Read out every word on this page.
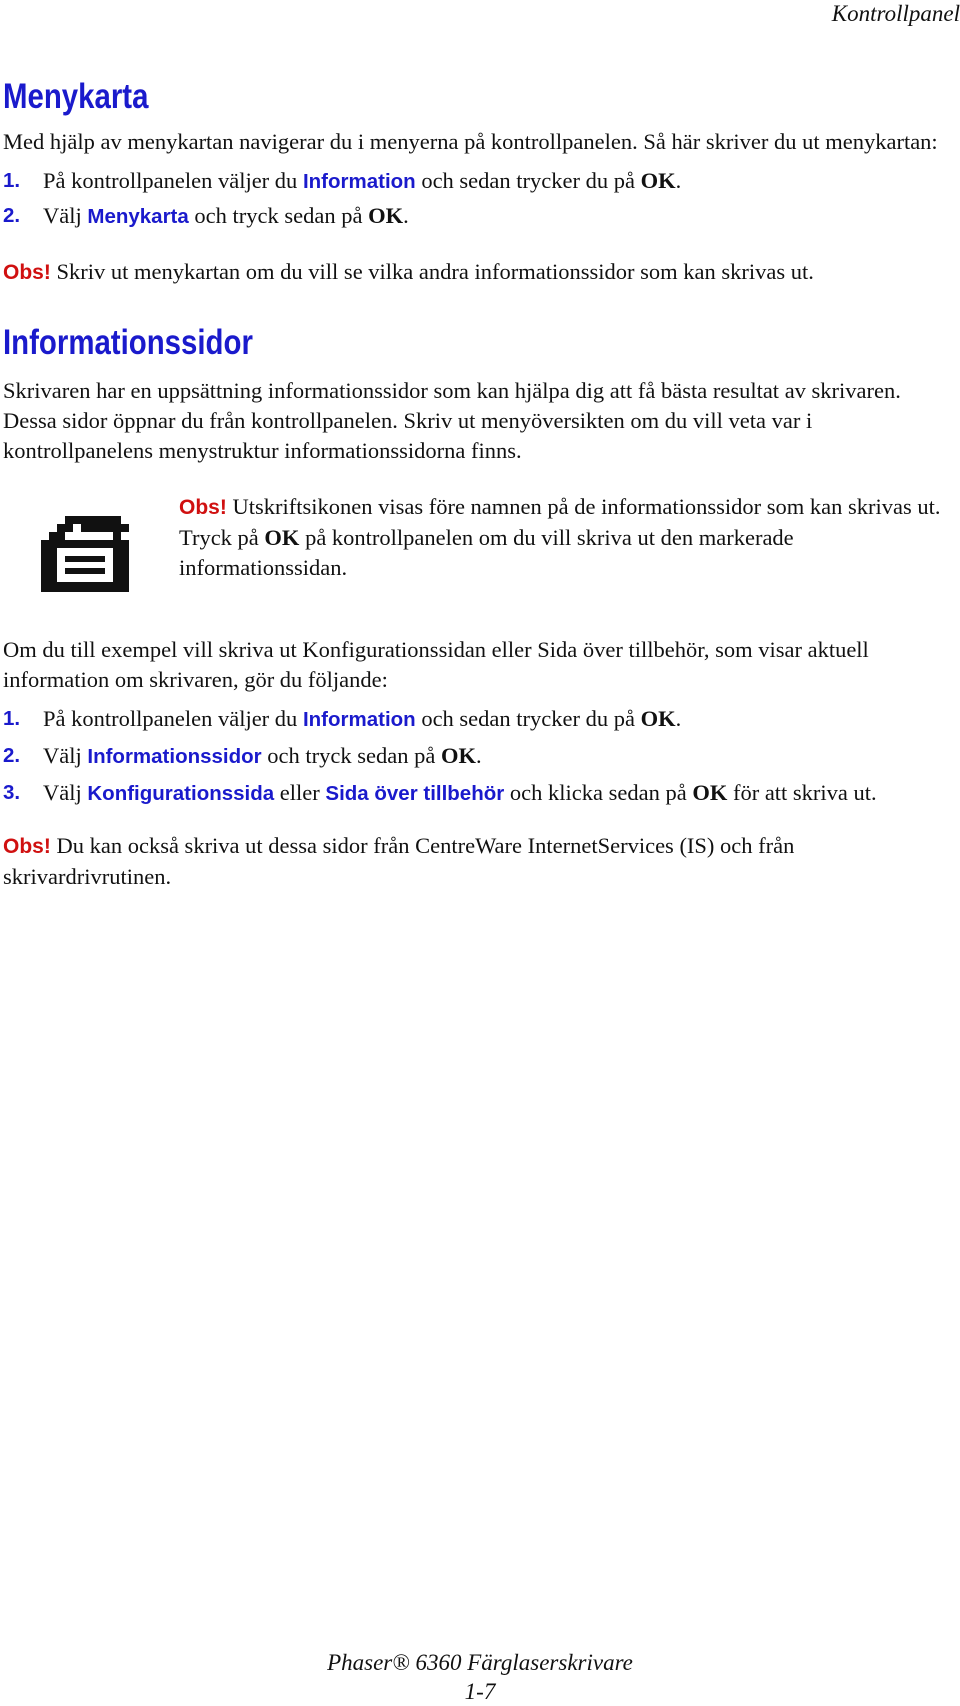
Kontrollpanel
Menykarta

Med hjälp av menykartan navigerar du i menyerna på kontrollpanelen. Så här skriver du ut menykartan:

1.	På kontrollpanelen väljer du Information och sedan trycker du på OK.
2.	Välj Menykarta och tryck sedan på OK.

Obs! Skriv ut menykartan om du vill se vilka andra informationssidor som kan skrivas ut.

Informationssidor

Skrivaren har en uppsättning informationssidor som kan hjälpa dig att få bästa resultat av skrivaren. Dessa sidor öppnar du från kontrollpanelen. Skriv ut menyöversikten om du vill veta var i kontrollpanelens menystruktur informationssidorna finns.

Obs! Utskriftsikonen visas före namnen på de informationssidor som kan skrivas ut. Tryck på OK på kontrollpanelen om du vill skriva ut den markerade informationssidan.

Om du till exempel vill skriva ut Konfigurationssidan eller Sida över tillbehör, som visar aktuell information om skrivaren, gör du följande:

1.	På kontrollpanelen väljer du Information och sedan trycker du på OK.
2.	Välj Informationssidor och tryck sedan på OK.
3.	Välj Konfigurationssida eller Sida över tillbehör och klicka sedan på OK för att skriva ut.

Obs! Du kan också skriva ut dessa sidor från CentreWare InternetServices (IS) och från skrivardrivrutinen.

Phaser® 6360 Färglaserskrivare
1-7
